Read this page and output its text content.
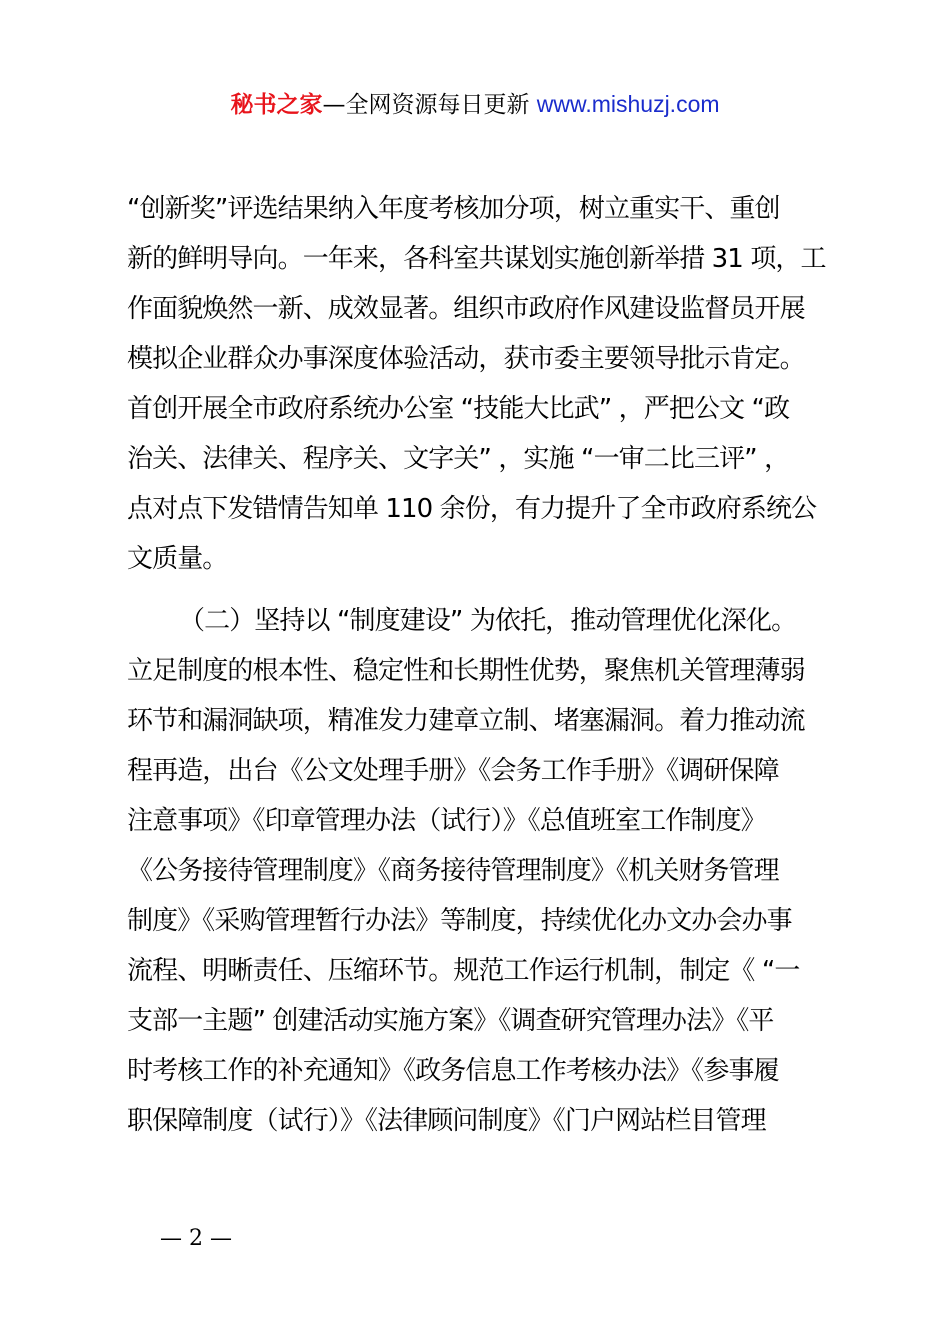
秘书之家—全网资源每日更新 www.mishuzj.com

“创新奖”评选结果纳入年度考核加分项，树立重实干、重创
新的鲜明导向。一年来，各科室共谋划实施创新举措 31 项，工
作面貌焕然一新、成效显著。组织市政府作风建设监督员开展
模拟企业群众办事深度体验活动，获市委主要领导批示肯定。
首创开展全市政府系统办公室 “技能大比武” ，严把公文 “政
治关、法律关、程序关、文字关” ，实施 “一审二比三评” ，
点对点下发错情告知单 110 余份，有力提升了全市政府系统公
文质量。

（二）坚持以 “制度建设” 为依托，推动管理优化深化。
立足制度的根本性、稳定性和长期性优势，聚焦机关管理薄弱
环节和漏洞缺项，精准发力建章立制、堵塞漏洞。着力推动流
程再造，出台《公文处理手册》《会务工作手册》《调研保障
注意事项》《印章管理办法（试行）》《总值班室工作制度》
《公务接待管理制度》《商务接待管理制度》《机关财务管理
制度》《采购管理暂行办法》等制度，持续优化办文办会办事
流程、明晰责任、压缩环节。规范工作运行机制，制定《 “一
支部一主题” 创建活动实施方案》《调查研究管理办法》《平
时考核工作的补充通知》《政务信息工作考核办法》《参事履
职保障制度（试行）》《法律顾问制度》《门户网站栏目管理

— 2 —
